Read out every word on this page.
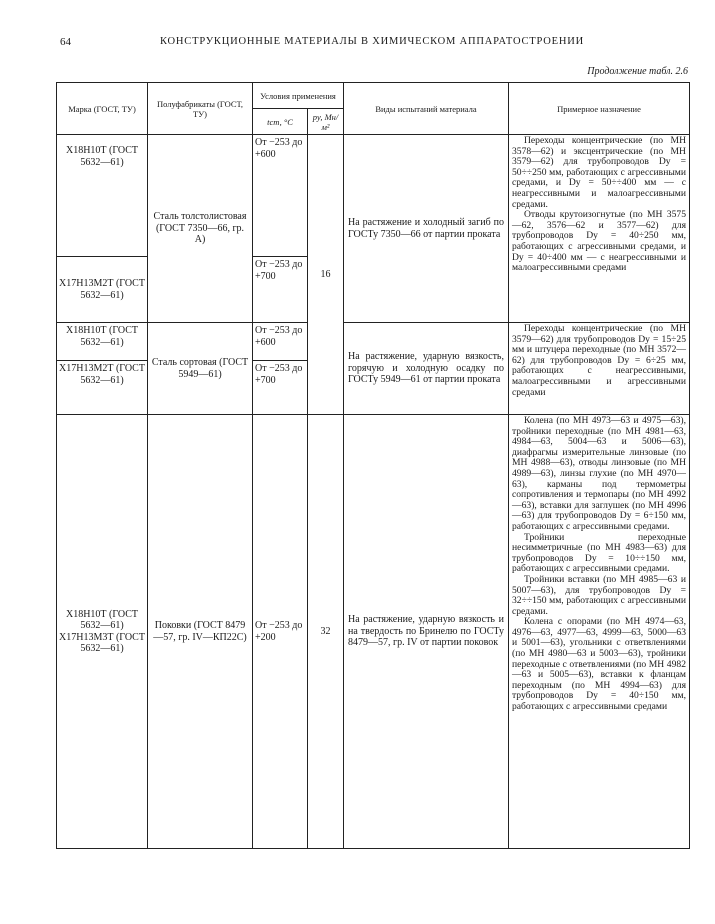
64	КОНСТРУКЦИОННЫЕ МАТЕРИАЛЫ В ХИМИЧЕСКОМ АППАРАТОСТРОЕНИИ
Продолжение табл. 2.6
Марка (ГОСТ, ТУ)	Полуфабрикаты (ГОСТ, ТУ)	Условия применения		Виды испытаний материала	Примерное назначение
		tст, °C	py, Мн/м²		
Х18Н10Т (ГОСТ 5632—61)	Сталь толстолистовая (ГОСТ 7350—66, гр. А)	От −253 до +600	16	На растяжение и холодный загиб по ГОСТу 7350—66 от партии проката	Переходы концентрические (по МН 3578—62) и эксцентрические (по МН 3579—62) для трубопроводов Dу = 50÷÷250 мм, работающих с агрессивными средами, и Dу = 50÷÷400 мм — с неагрессивными и малоагрессивными средами.

Отводы крутоизогнутые (по МН 3575—62, 3576—62 и 3577—62) для трубопроводов Dу = 40÷250 мм, работающих с агрессивными средами, и Dу = 40÷400 мм — с неагрессивными и малоагрессивными средами

Х17Н13М2Т (ГОСТ 5632—61)		От −253 до +700			
Х18Н10Т (ГОСТ 5632—61)	Сталь сортовая (ГОСТ 5949—61)	От −253 до +600		На растяжение, ударную вязкость, горячую и холодную осадку по ГОСТу 5949—61 от партии проката	Переходы концентрические (по МН 3579—62) для трубопроводов Dу = 15÷25 мм и штуцера переходные (по МН 3572—62) для трубопроводов Dу = 6÷25 мм, работающих с неагрессивными, малоагрессивными и агрессивными средами

Х17Н13М2Т (ГОСТ 5632—61)		От −253 до +700			
Х18Н10Т (ГОСТ 5632—61) Х17Н13М3Т (ГОСТ 5632—61)	Поковки (ГОСТ 8479—57, гр. IV—КП22С)	От −253 до +200	32	На растяжение, ударную вязкость и на твердость по Бринелю по ГОСТу 8479—57, гр. IV от партии поковок	Колена (по МН 4973—63 и 4975—63), тройники переходные (по МН 4981—63, 4984—63, 5004—63 и 5006—63), диафрагмы измерительные линзовые (по МН 4988—63), отводы линзовые (по МН 4989—63), линзы глухие (по МН 4970—63), карманы под термометры сопротивления и термопары (по МН 4992—63), вставки для заглушек (по МН 4996—63) для трубопроводов Dу = 6÷150 мм, работающих с агрессивными средами.

Тройники переходные несимметричные (по МН 4983—63) для трубопроводов Dу = 10÷÷150 мм, работающих с агрессивными средами.

Тройники вставки (по МН 4985—63 и 5007—63), для трубопроводов Dу = 32÷÷150 мм, работающих с агрессивными средами.

Колена с опорами (по МН 4974—63, 4976—63, 4977—63, 4999—63, 5000—63 и 5001—63), угольники с ответвлениями (по МН 4980—63 и 5003—63), тройники переходные с ответвлениями (по МН 4982—63 и 5005—63), вставки к фланцам переходным (по МН 4994—63) для трубопроводов Dу = 40÷150 мм, работающих с агрессивными средами
